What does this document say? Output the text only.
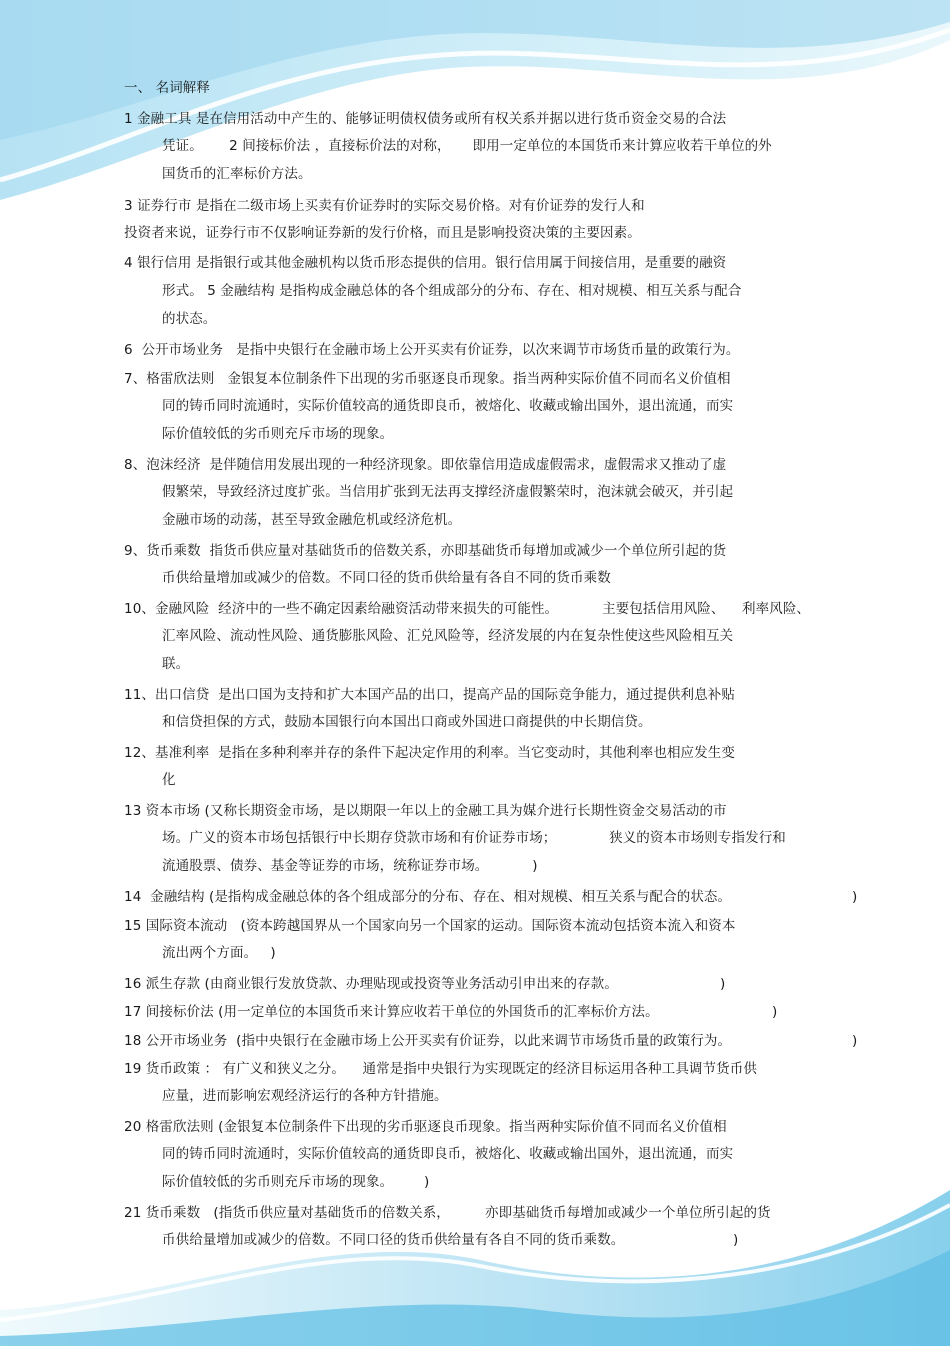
一、 名词解释
1 金融工具 是在信用活动中产生的、能够证明债权债务或所有权关系并据以进行货币资金交易的合法
凭证。      2 间接标价法 ，直接标价法的对称，     即用一定单位的本国货币来计算应收若干单位的外
国货币的汇率标价方法。
3 证券行市 是指在二级市场上买卖有价证券时的实际交易价格。对有价证券的发行人和
投资者来说，证券行市不仅影响证券新的发行价格，而且是影响投资决策的主要因素。
4 银行信用 是指银行或其他金融机构以货币形态提供的信用。银行信用属于间接信用，是重要的融资
形式。 5 金融结构 是指构成金融总体的各个组成部分的分布、存在、相对规模、相互关系与配合
的状态。
6  公开市场业务   是指中央银行在金融市场上公开买卖有价证券，以次来调节市场货币量的政策行为。
7、格雷欣法则   金银复本位制条件下出现的劣币驱逐良币现象。指当两种实际价值不同而名义价值相
同的铸币同时流通时，实际价值较高的通货即良币，被熔化、收藏或输出国外，退出流通，而实
际价值较低的劣币则充斥市场的现象。
8、泡沫经济  是伴随信用发展出现的一种经济现象。即依靠信用造成虚假需求，虚假需求又推动了虚
假繁荣，导致经济过度扩张。当信用扩张到无法再支撑经济虚假繁荣时，泡沫就会破灭，并引起
金融市场的动荡，甚至导致金融危机或经济危机。
9、货币乘数  指货币供应量对基础货币的倍数关系，亦即基础货币每增加或减少一个单位所引起的货
币供给量增加或减少的倍数。不同口径的货币供给量有各自不同的货币乘数
10、金融风险  经济中的一些不确定因素给融资活动带来损失的可能性。          主要包括信用风险、    利率风险、
汇率风险、流动性风险、通货膨胀风险、汇兑风险等，经济发展的内在复杂性使这些风险相互关
联。
11、出口信贷  是出口国为支持和扩大本国产品的出口，提高产品的国际竞争能力，通过提供利息补贴
和信贷担保的方式，鼓励本国银行向本国出口商或外国进口商提供的中长期信贷。
12、基准利率  是指在多种利率并存的条件下起决定作用的利率。当它变动时，其他利率也相应发生变
化
13 资本市场 (又称长期资金市场，是以期限一年以上的金融工具为媒介进行长期性资金交易活动的市
场。广义的资本市场包括银行中长期存贷款市场和有价证券市场；            狭义的资本市场则专指发行和
流通股票、债券、基金等证券的市场，统称证券市场。          )
14  金融结构 (是指构成金融总体的各个组成部分的分布、存在、相对规模、相互关系与配合的状态。	)
15 国际资本流动   (资本跨越国界从一个国家向另一个国家的运动。国际资本流动包括资本流入和资本
流出两个方面。   )
16 派生存款 (由商业银行发放贷款、办理贴现或投资等业务活动引申出来的存款。	)
17 间接标价法 (用一定单位的本国货币来计算应收若干单位的外国货币的汇率标价方法。	)
18 公开市场业务  (指中央银行在金融市场上公开买卖有价证券，以此来调节市场货币量的政策行为。	)
19 货币政策 ： 有广义和狭义之分。    通常是指中央银行为实现既定的经济目标运用各种工具调节货币供
应量，进而影响宏观经济运行的各种方针措施。
20 格雷欣法则 (金银复本位制条件下出现的劣币驱逐良币现象。指当两种实际价值不同而名义价值相
同的铸币同时流通时，实际价值较高的通货即良币，被熔化、收藏或输出国外，退出流通，而实
际价值较低的劣币则充斥市场的现象。       )
21 货币乘数   (指货币供应量对基础货币的倍数关系，        亦即基础货币每增加或减少一个单位所引起的货
币供给量增加或减少的倍数。不同口径的货币供给量有各自不同的货币乘数。	)
